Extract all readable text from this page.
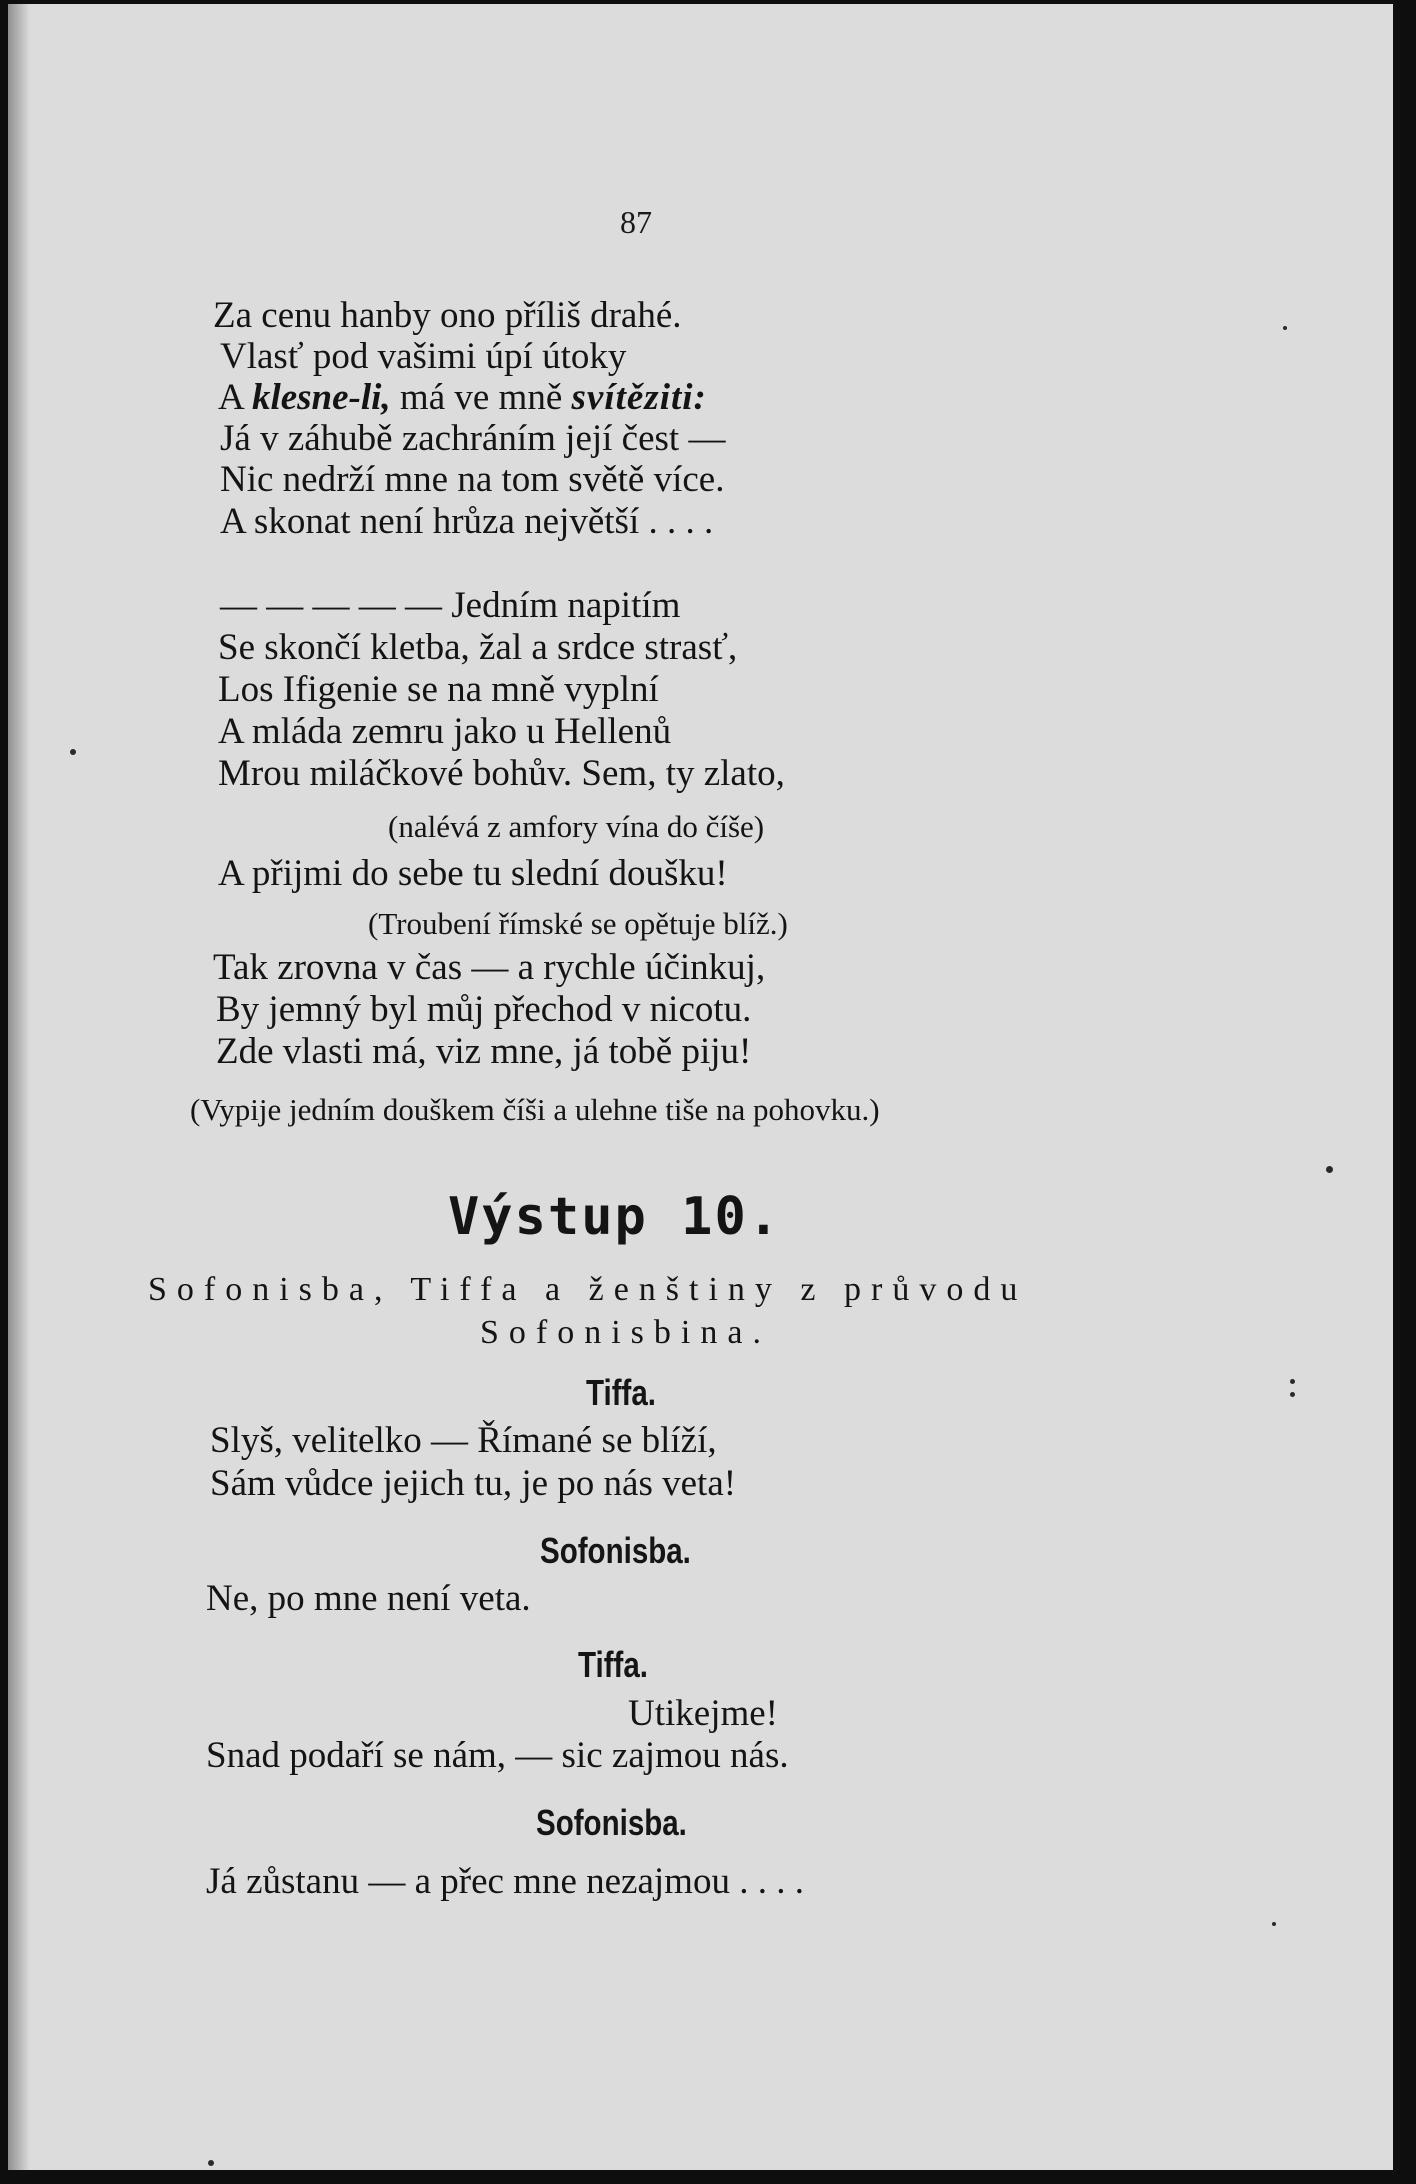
87
Za cenu hanby ono příliš drahé.
Vlasť pod vašimi úpí útoky
A klesne-li, má ve mně svítěziti:
Já v záhubě zachráním její čest —
Nic nedrží mne na tom světě více.
A skonat není hrůza největší . . . .
— — — — — Jedním napitím
Se skončí kletba, žal a srdce strasť,
Los Ifigenie se na mně vyplní
A mláda zemru jako u Hellenů
Mrou miláčkové bohův. Sem, ty zlato,
(nalévá z amfory vína do číše)
A přijmi do sebe tu slední doušku!
(Troubení římské se opětuje blíž.)
Tak zrovna v čas — a rychle účinkuj,
By jemný byl můj přechod v nicotu.
Zde vlasti má, viz mne, já tobě piju!
(Vypije jedním douškem číši a ulehne tiše na pohovku.)
Výstup 10.
Sofonisba, Tiffa a ženštiny z průvodu
Sofonisbina.
Tiffa.
Slyš, velitelko — Římané se blíží,
Sám vůdce jejich tu, je po nás veta!
Sofonisba.
Ne, po mne není veta.
Tiffa.
Utikejme!
Snad podaří se nám, — sic zajmou nás.
Sofonisba.
Já zůstanu — a přec mne nezajmou . . . .
